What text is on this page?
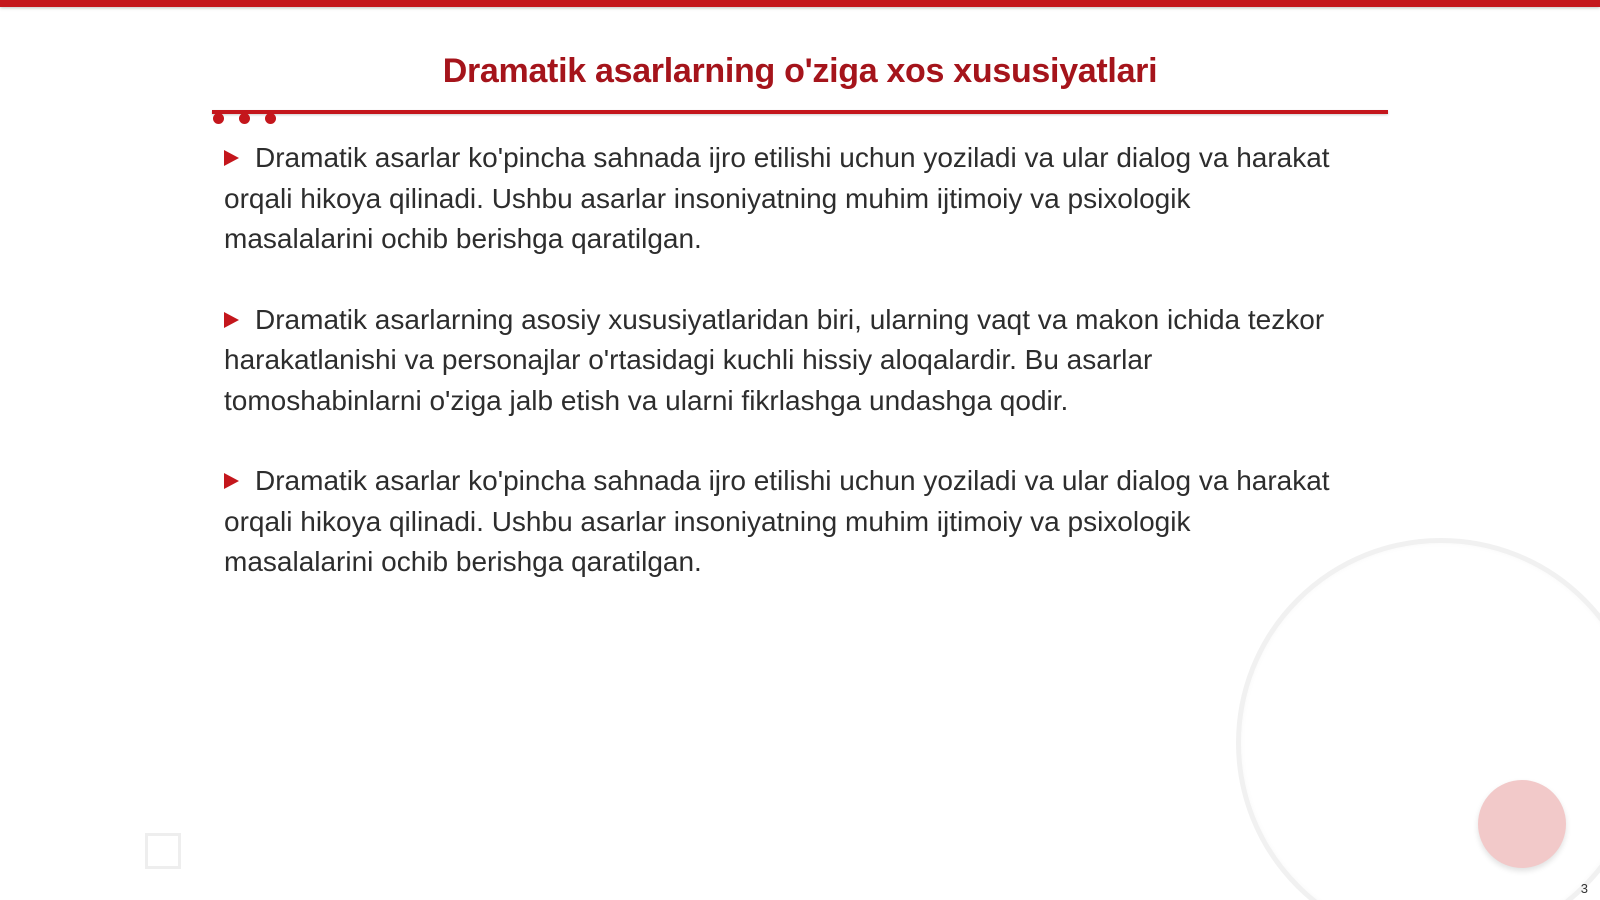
Dramatik asarlarning o'ziga xos xususiyatlari

Dramatik asarlar ko'pincha sahnada ijro etilishi uchun yoziladi va ular dialog va harakat orqali hikoya qilinadi. Ushbu asarlar insoniyatning muhim ijtimoiy va psixologik masalalarini ochib berishga qaratilgan.

Dramatik asarlarning asosiy xususiyatlaridan biri, ularning vaqt va makon ichida tezkor harakatlanishi va personajlar o'rtasidagi kuchli hissiy aloqalardir. Bu asarlar tomoshabinlarni o'ziga jalb etish va ularni fikrlashga undashga qodir.

Dramatik asarlar ko'pincha sahnada ijro etilishi uchun yoziladi va ular dialog va harakat orqali hikoya qilinadi. Ushbu asarlar insoniyatning muhim ijtimoiy va psixologik masalalarini ochib berishga qaratilgan.

3
